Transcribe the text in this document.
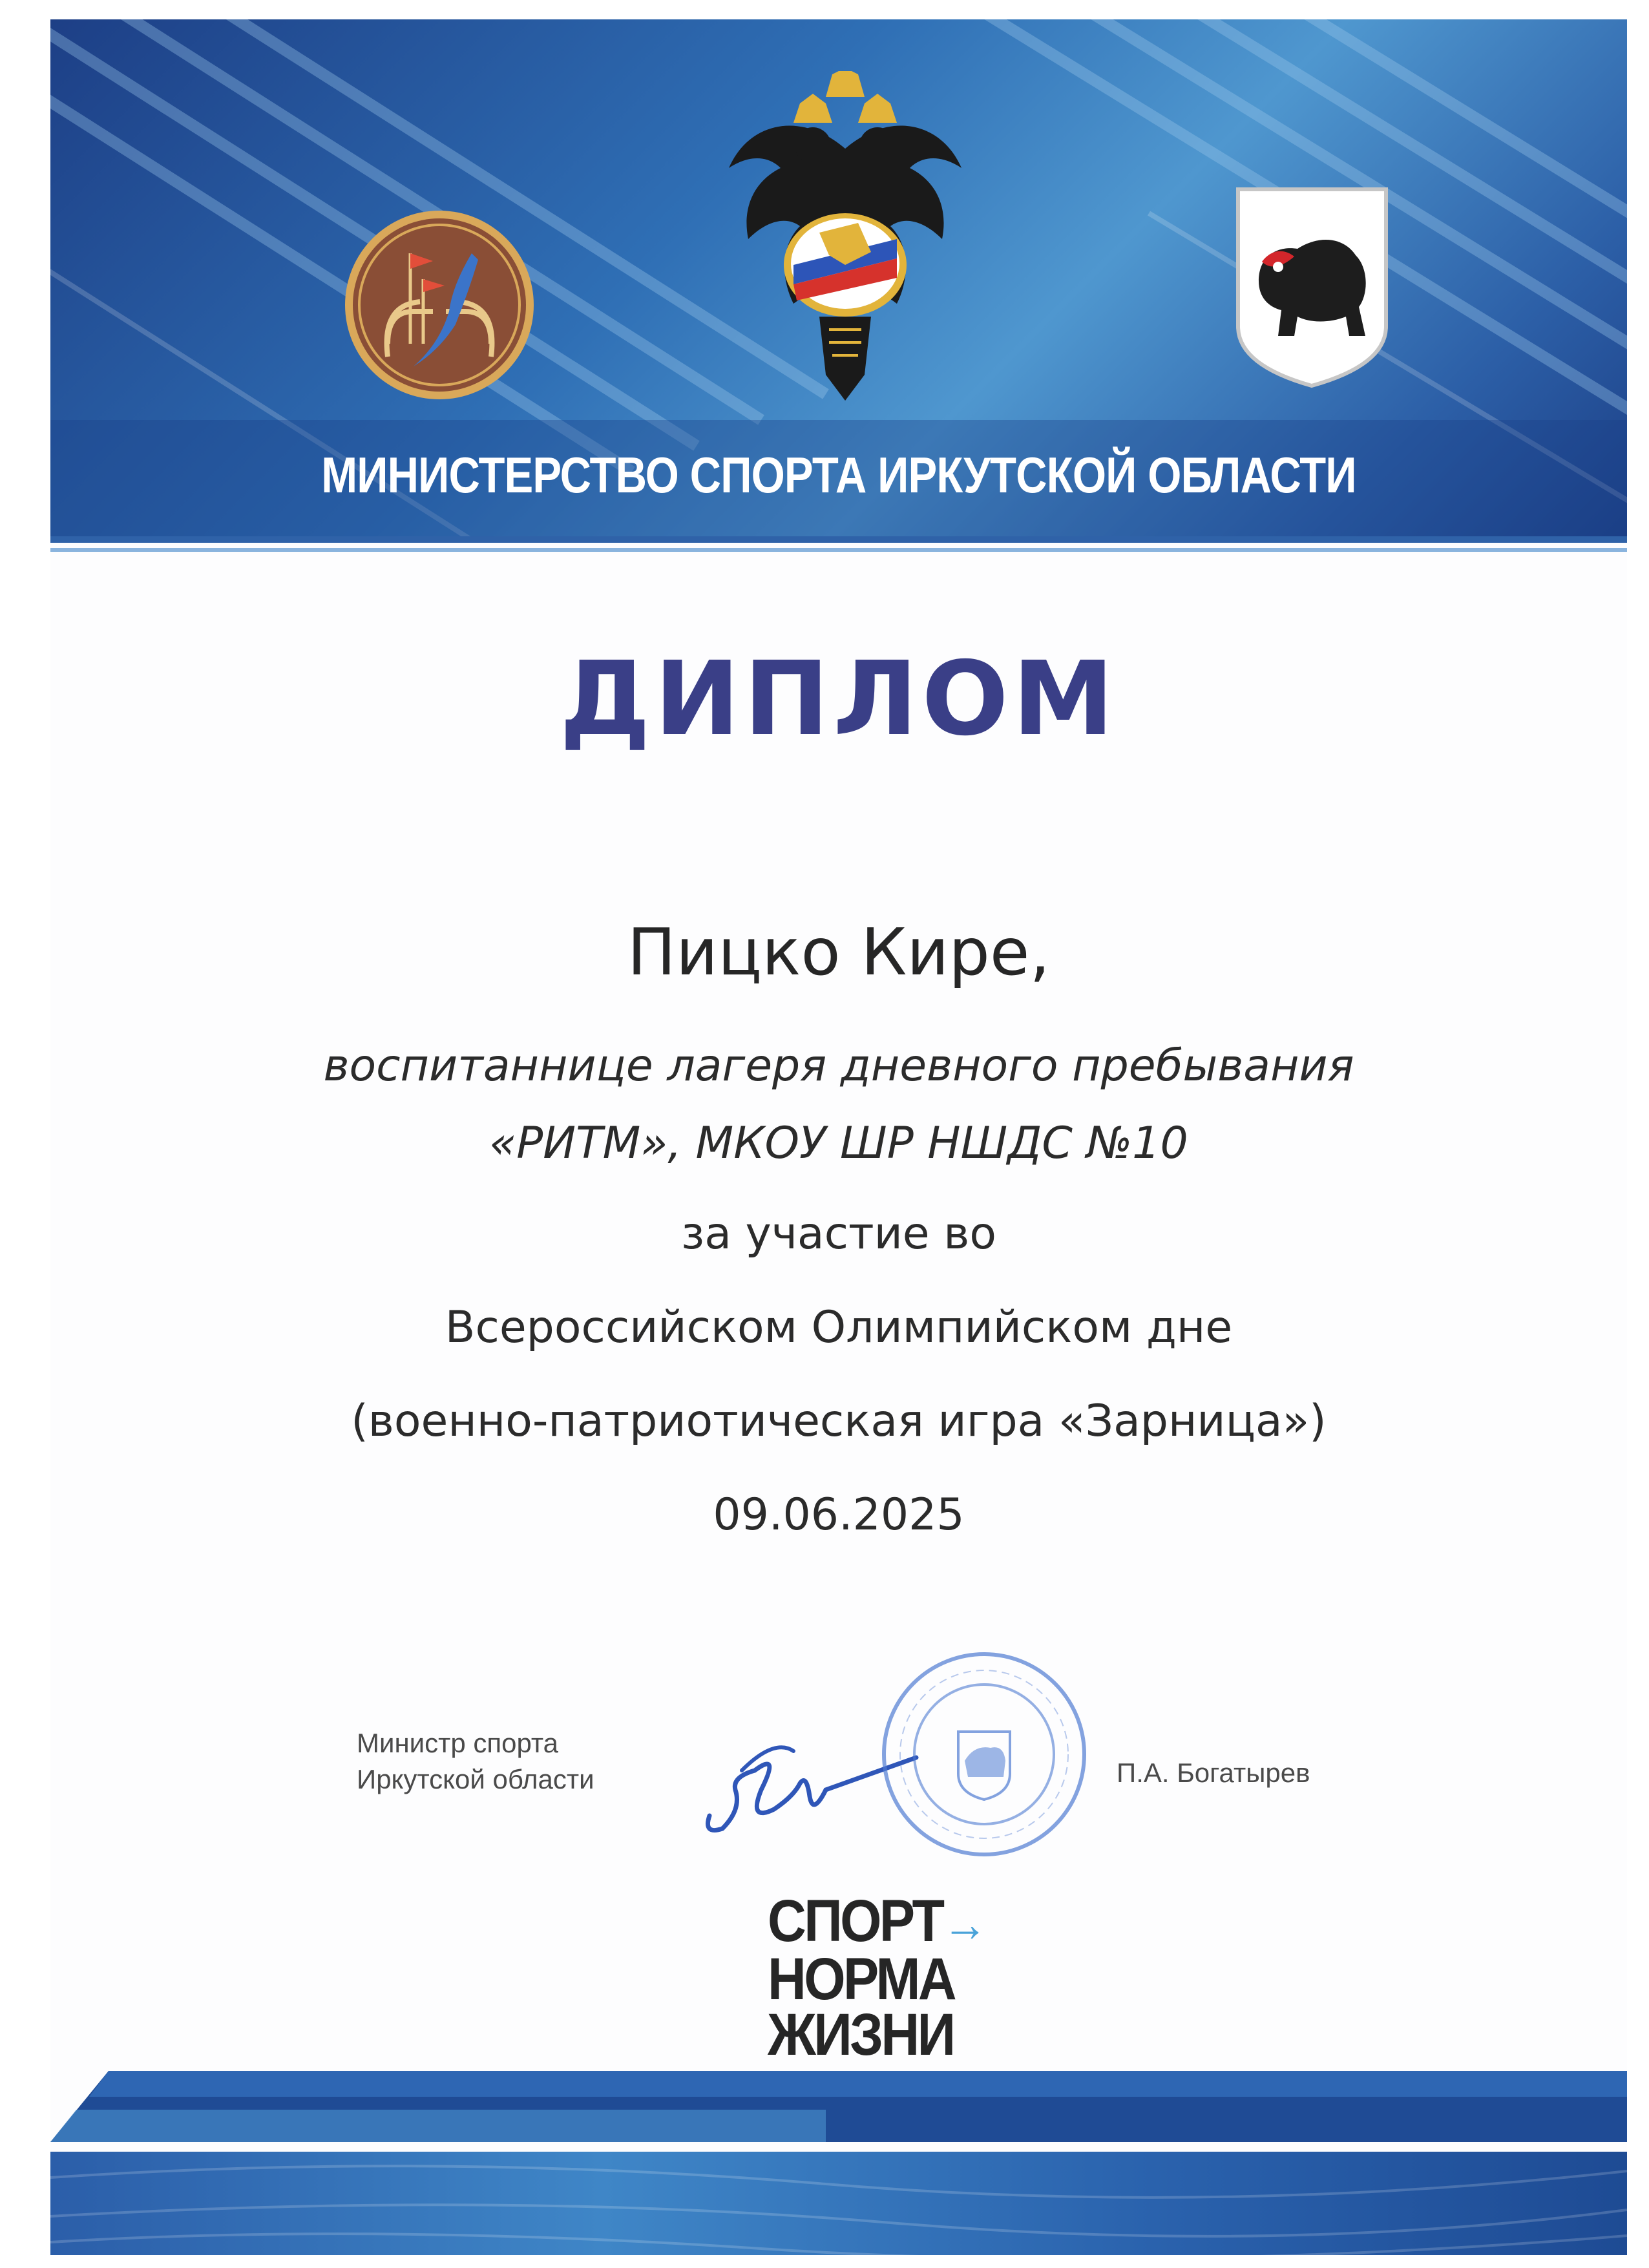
МИНИСТЕРСТВО СПОРТА ИРКУТСКОЙ ОБЛАСТИ
ДИПЛОМ
Пицко Кире,
воспитаннице лагеря дневного пребывания
«РИТМ», МКОУ ШР НШДС №10
за участие во
Всероссийском Олимпийском дне
(военно-патриотическая игра «Зарница»)
09.06.2025
Министр спорта
Иркутской области	П.А. Богатырев
СПОРТ→
НОРМА
ЖИЗНИ
